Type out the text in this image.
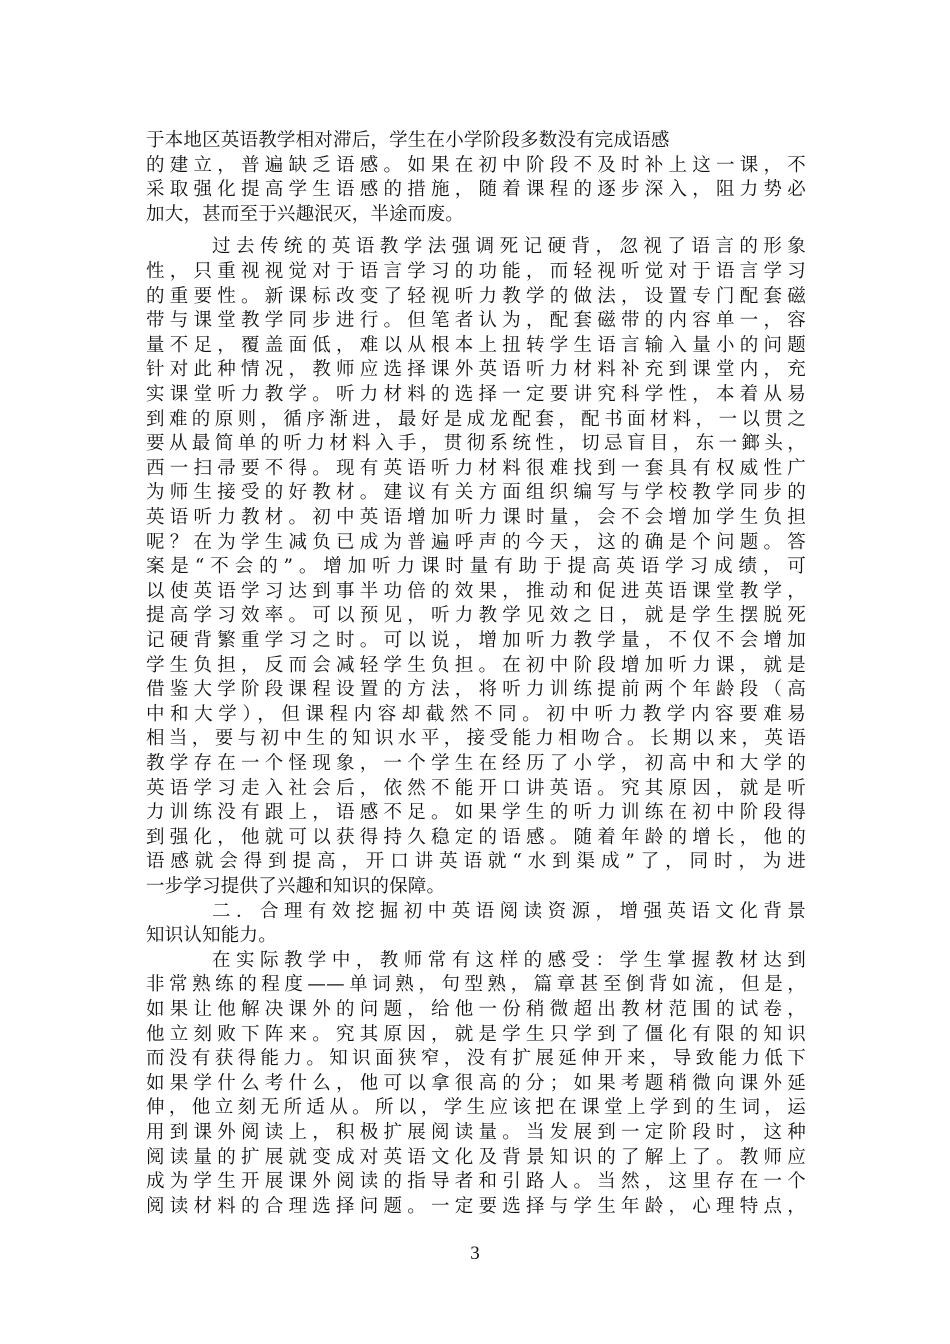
于本地区英语教学相对滞后，学生在小学阶段多数没有完成语感
的建立，普遍缺乏语感。如果在初中阶段不及时补上这一课，不
采取强化提高学生语感的措施，随着课程的逐步深入，阻力势必
加大，甚而至于兴趣泯灭，半途而废。
过去传统的英语教学法强调死记硬背，忽视了语言的形象
性，只重视视觉对于语言学习的功能，而轻视听觉对于语言学习
的重要性。新课标改变了轻视听力教学的做法，设置专门配套磁
带与课堂教学同步进行。但笔者认为，配套磁带的内容单一，容
量不足，覆盖面低，难以从根本上扭转学生语言输入量小的问题
针对此种情况，教师应选择课外英语听力材料补充到课堂内，充
实课堂听力教学。听力材料的选择一定要讲究科学性，本着从易
到难的原则，循序渐进，最好是成龙配套，配书面材料，一以贯之
要从最简单的听力材料入手，贯彻系统性，切忌盲目，东一鎯头，
西一扫帚要不得。现有英语听力材料很难找到一套具有权威性广
为师生接受的好教材。建议有关方面组织编写与学校教学同步的
英语听力教材。初中英语增加听力课时量，会不会增加学生负担
呢？在为学生减负已成为普遍呼声的今天，这的确是个问题。答
案是“不会的”。增加听力课时量有助于提高英语学习成绩，可
以使英语学习达到事半功倍的效果，推动和促进英语课堂教学，
提高学习效率。可以预见，听力教学见效之日，就是学生摆脱死
记硬背繁重学习之时。可以说，增加听力教学量，不仅不会增加
学生负担，反而会减轻学生负担。在初中阶段增加听力课，就是
借鉴大学阶段课程设置的方法，将听力训练提前两个年龄段（高
中和大学），但课程内容却截然不同。初中听力教学内容要难易
相当，要与初中生的知识水平，接受能力相吻合。长期以来，英语
教学存在一个怪现象，一个学生在经历了小学，初高中和大学的
英语学习走入社会后，依然不能开口讲英语。究其原因，就是听
力训练没有跟上，语感不足。如果学生的听力训练在初中阶段得
到强化，他就可以获得持久稳定的语感。随着年龄的增长，他的
语感就会得到提高，开口讲英语就“水到渠成”了，同时，为进
一步学习提供了兴趣和知识的保障。
二．合理有效挖掘初中英语阅读资源，增强英语文化背景
知识认知能力。
在实际教学中，教师常有这样的感受：学生掌握教材达到
非常熟练的程度——单词熟，句型熟，篇章甚至倒背如流，但是，
如果让他解决课外的问题，给他一份稍微超出教材范围的试卷，
他立刻败下阵来。究其原因，就是学生只学到了僵化有限的知识
而没有获得能力。知识面狭窄，没有扩展延伸开来，导致能力低下
如果学什么考什么，他可以拿很高的分；如果考题稍微向课外延
伸，他立刻无所适从。所以，学生应该把在课堂上学到的生词，运
用到课外阅读上，积极扩展阅读量。当发展到一定阶段时，这种
阅读量的扩展就变成对英语文化及背景知识的了解上了。教师应
成为学生开展课外阅读的指导者和引路人。当然，这里存在一个
3
阅读材料的合理选择问题。一定要选择与学生年龄，心理特点，
